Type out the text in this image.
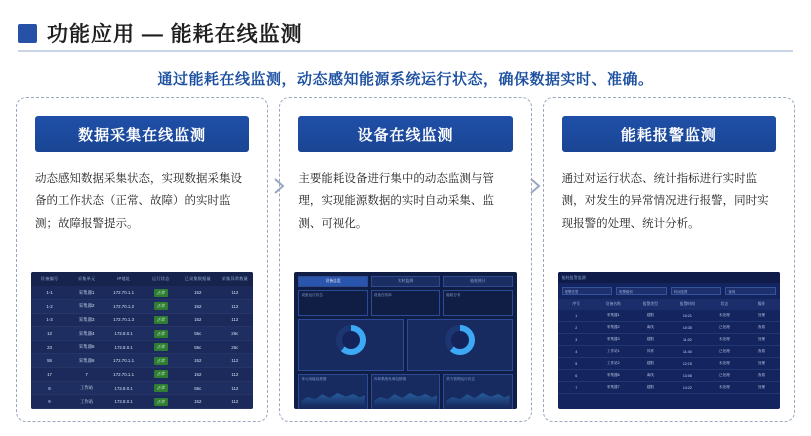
功能应用 — 能耗在线监测
通过能耗在线监测，动态感知能源系统运行状态，确保数据实时、准确。
数据采集在线监测
动态感知数据采集状态，实现数据采集设备的工作状态（正常、故障）的实时监测；故障报警提示。
设备编号	采集单元	IP地址	运行状态	已采集数据量	采集异常数量
1-1	采集器1	172.70.1.1	正常	152	112
1-2	采集器2	172.70.1.2	正常	152	112
1-3	采集器3	172.70.1.3	正常	152	112
12	采集器4	172.8.0.1	正常	55c	26c
23	采集器5	172.8.0.1	正常	55c	26c
55	采集器6	172.70.1.1	正常	152	112
17	7	172.70.1.1	正常	152	112
8	工作站	172.8.0.1	正常	55c	112
9	工作站	172.8.0.1	正常	152	112
设备在线监测
主要能耗设备进行集中的动态监测与管理，实现能源数据的实时自动采集、监测、可视化。
设备总览	实时监测	能耗统计
设备运行状态	设备在线率	能耗分布
单元用能趋势图	冷却系统负荷趋势图	热力管网运行状态
能耗报警监测
通过对运行状态、统计指标进行实时监测，对发生的异常情况进行报警，同时实现报警的处理、统计分析。
能耗报警监测
报警类型	报警级别	时间范围	查询
序号	设备名称	报警类型	报警时间	状态	操作
1	采集器1	超限	10:21	未处理	处理
2	采集器2	离线	10:35	已处理	查看
3	采集器3	超限	11:02	未处理	处理
4	工作站1	异常	11:40	已处理	查看
5	工作站2	超限	12:15	未处理	处理
6	采集器6	离线	13:08	已处理	查看
7	采集器7	超限	14:22	未处理	处理
